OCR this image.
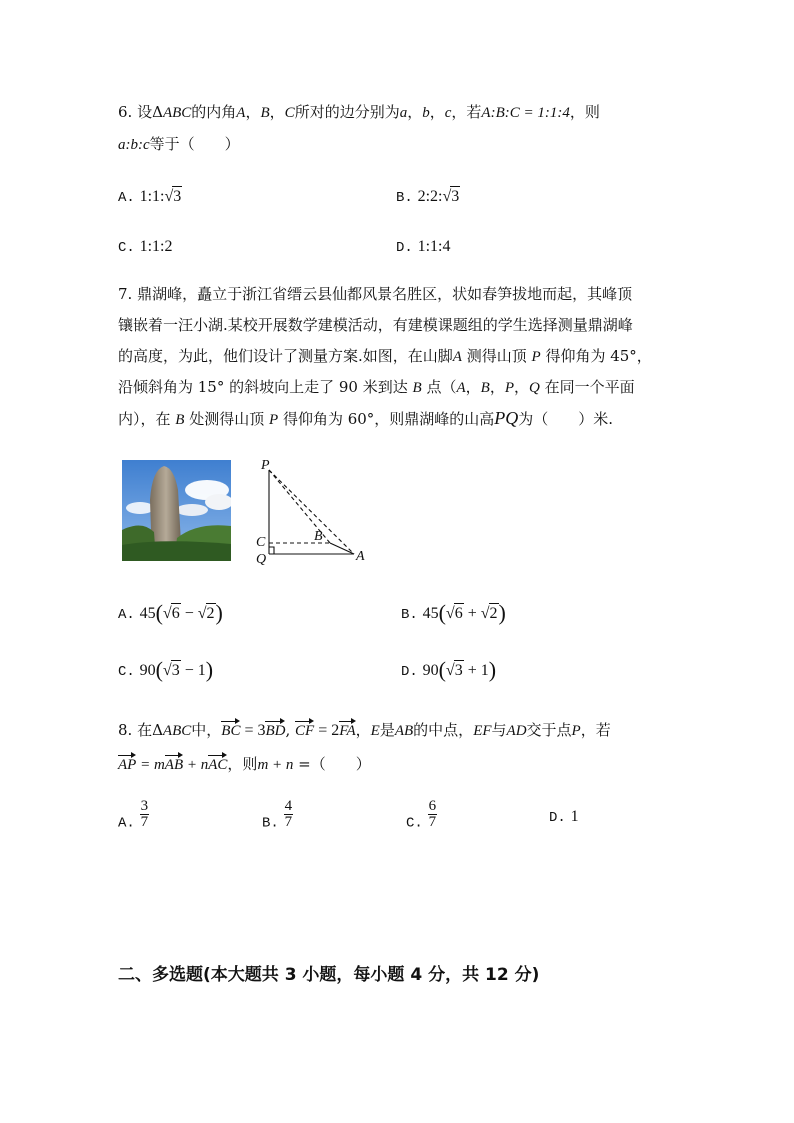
6. 设ΔABC的内角A，B，C所对的边分别为a，b，c，若A:B:C = 1:1:4，则
a:b:c等于（　　）
A. 1:1:√3	B. 2:2:√3
C. 1:1:2	D. 1:1:4
7. 鼎湖峰，矗立于浙江省缙云县仙都风景名胜区，状如春笋拔地而起，其峰顶
镶嵌着一汪小湖.某校开展数学建模活动，有建模课题组的学生选择测量鼎湖峰
的高度，为此，他们设计了测量方案.如图，在山脚A 测得山顶 P 得仰角为 45°，
沿倾斜角为 15° 的斜坡向上走了 90 米到达 B 点（A，B，P，Q 在同一个平面
内），在 B 处测得山顶 P 得仰角为 60°，则鼎湖峰的山高PQ为（　　）米.
P
C
Q
B
A
A. 45(√6 − √2)	B. 45(√6 + √2)
C. 90(√3 − 1)	D. 90(√3 + 1)
8. 在ΔABC中，BC = 3BD, CF = 2FA，E是AB的中点，EF与AD交于点P，若
AP = mAB + nAC，则m + n =（　　）
A. $\frac{3}{7}$	B. $\frac{4}{7}$	C. $\frac{6}{7}$	D. 1
二、多选题(本大题共 3 小题，每小题 4 分，共 12 分)
